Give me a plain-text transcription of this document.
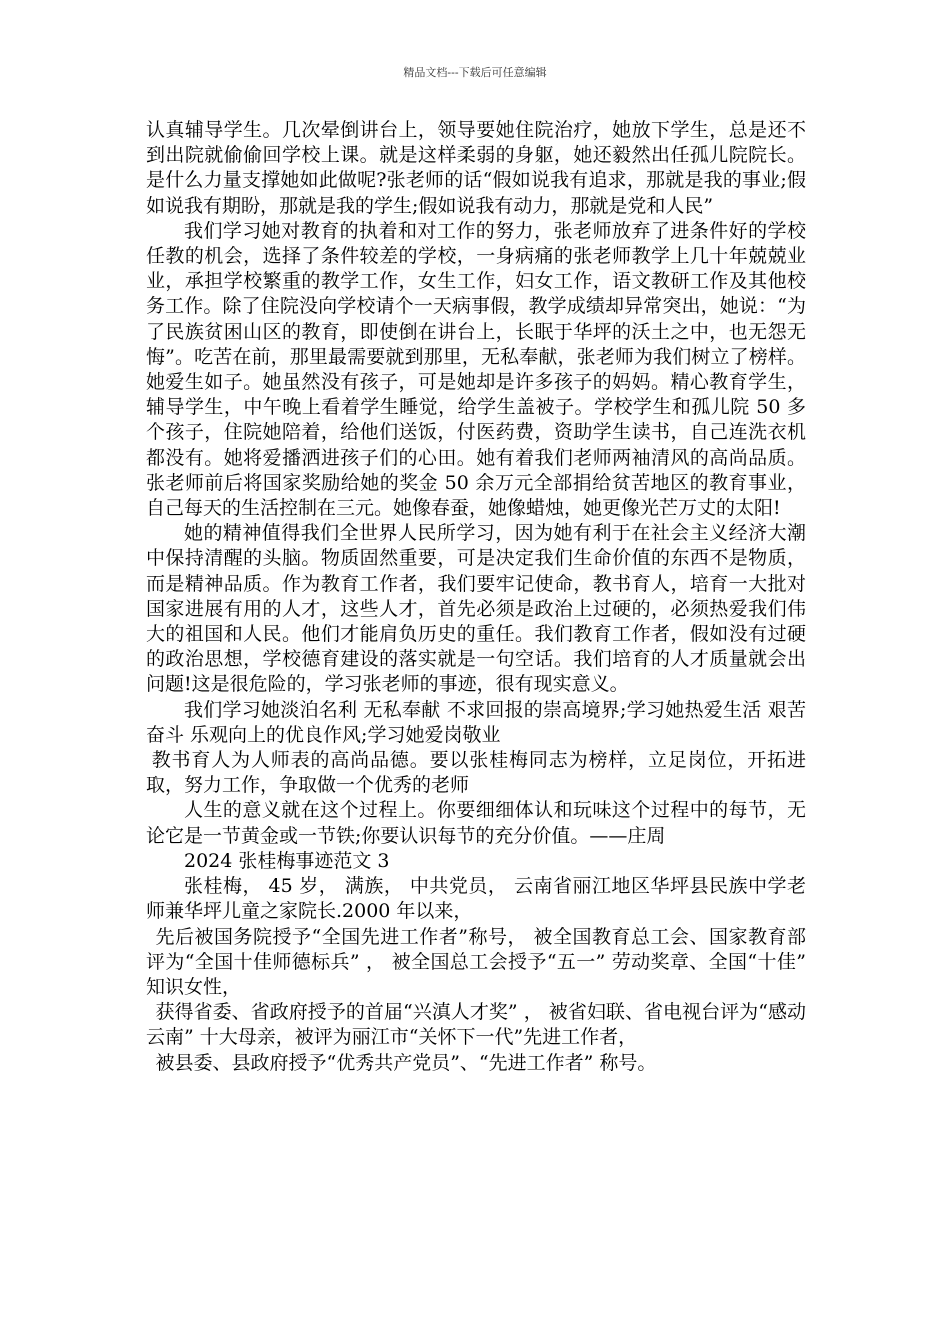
精品文档---下载后可任意编辑

认真辅导学生。几次晕倒讲台上，领导要她住院治疗，她放下学生，总是还不到出院就偷偷回学校上课。就是这样柔弱的身躯，她还毅然出任孤儿院院长。是什么力量支撑她如此做呢?张老师的话“假如说我有追求，那就是我的事业;假如说我有期盼，那就是我的学生;假如说我有动力，那就是党和人民”

我们学习她对教育的执着和对工作的努力，张老师放弃了进条件好的学校任教的机会，选择了条件较差的学校，一身病痛的张老师教学上几十年兢兢业业，承担学校繁重的教学工作，女生工作，妇女工作，语文教研工作及其他校务工作。除了住院没向学校请个一天病事假，教学成绩却异常突出，她说：“为了民族贫困山区的教育，即使倒在讲台上，长眠于华坪的沃土之中，也无怨无悔”。吃苦在前，那里最需要就到那里，无私奉献，张老师为我们树立了榜样。她爱生如子。她虽然没有孩子，可是她却是许多孩子的妈妈。精心教育学生，辅导学生，中午晚上看着学生睡觉，给学生盖被子。学校学生和孤儿院 50 多个孩子，住院她陪着，给他们送饭，付医药费，资助学生读书，自己连洗衣机都没有。她将爱播洒进孩子们的心田。她有着我们老师两袖清风的高尚品质。张老师前后将国家奖励给她的奖金 50 余万元全部捐给贫苦地区的教育事业，自己每天的生活控制在三元。她像春蚕，她像蜡烛，她更像光芒万丈的太阳!

她的精神值得我们全世界人民所学习，因为她有利于在社会主义经济大潮中保持清醒的头脑。物质固然重要，可是决定我们生命价值的东西不是物质，而是精神品质。作为教育工作者，我们要牢记使命，教书育人，培育一大批对国家进展有用的人才，这些人才，首先必须是政治上过硬的，必须热爱我们伟大的祖国和人民。他们才能肩负历史的重任。我们教育工作者，假如没有过硬的政治思想，学校德育建设的落实就是一句空话。我们培育的人才质量就会出问题!这是很危险的，学习张老师的事迹，很有现实意义。

我们学习她淡泊名利 无私奉献 不求回报的崇高境界;学习她热爱生活 艰苦奋斗 乐观向上的优良作风;学习她爱岗敬业

教书育人为人师表的高尚品德。要以张桂梅同志为榜样，立足岗位，开拓进取，努力工作，争取做一个优秀的老师

人生的意义就在这个过程上。你要细细体认和玩味这个过程中的每节，无论它是一节黄金或一节铁;你要认识每节的充分价值。——庄周

2024 张桂梅事迹范文 3

张桂梅， 45 岁， 满族， 中共党员， 云南省丽江地区华坪县民族中学老师兼华坪儿童之家院长.2000 年以来，

先后被国务院授予“全国先进工作者”称号， 被全国教育总工会、国家教育部评为“全国十佳师德标兵” ， 被全国总工会授予“五一” 劳动奖章、全国“十佳” 知识女性，

获得省委、省政府授予的首届“兴滇人才奖” ， 被省妇联、省电视台评为“感动云南” 十大母亲，被评为丽江市“关怀下一代”先进工作者，

被县委、县政府授予“优秀共产党员”、“先进工作者” 称号。
